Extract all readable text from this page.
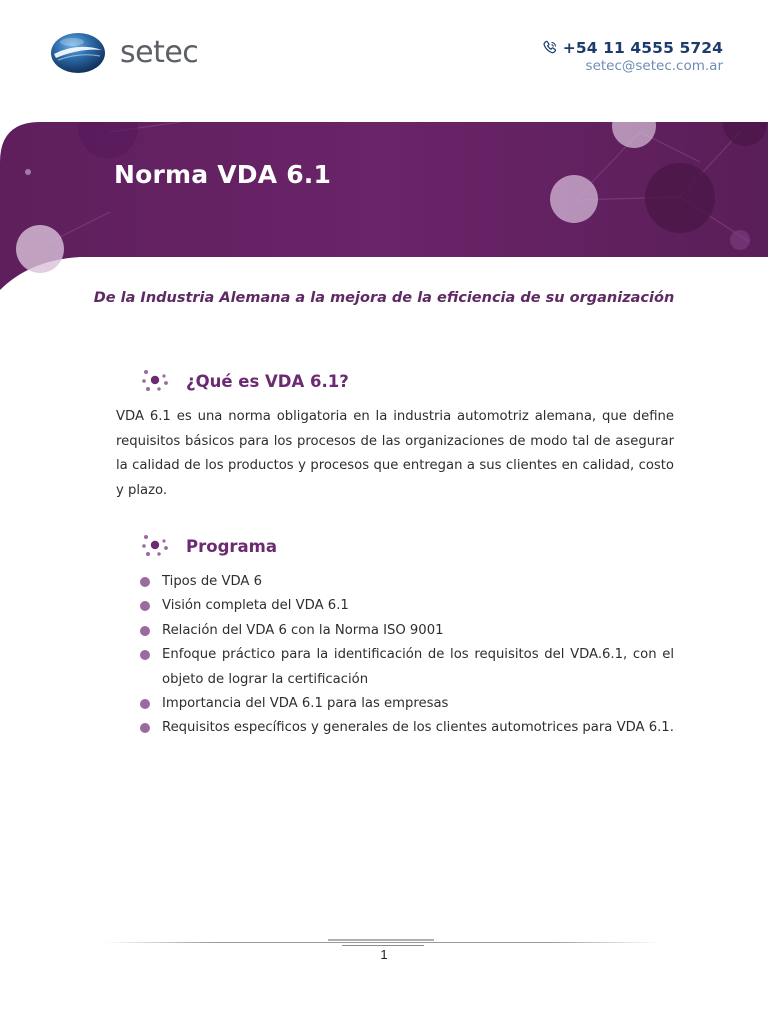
setec	+54 11 4555 5724
setec@setec.com.ar
Norma VDA 6.1
De la Industria Alemana a la mejora de la eficiencia de su organización
¿Qué es VDA 6.1?

VDA 6.1 es una norma obligatoria en la industria automotriz alemana, que define requisitos básicos para los procesos de las organizaciones de modo tal de asegurar la calidad de los productos y procesos que entregan a sus clientes en calidad, costo y plazo.

Programa
Tipos de VDA 6
Visión completa del VDA 6.1
Relación del VDA 6 con la Norma ISO 9001
Enfoque práctico para la identificación de los requisitos del VDA.6.1, con el objeto de lograr la certificación
Importancia del VDA 6.1 para las empresas
Requisitos específicos y generales de los clientes automotrices para VDA 6.1.
1
